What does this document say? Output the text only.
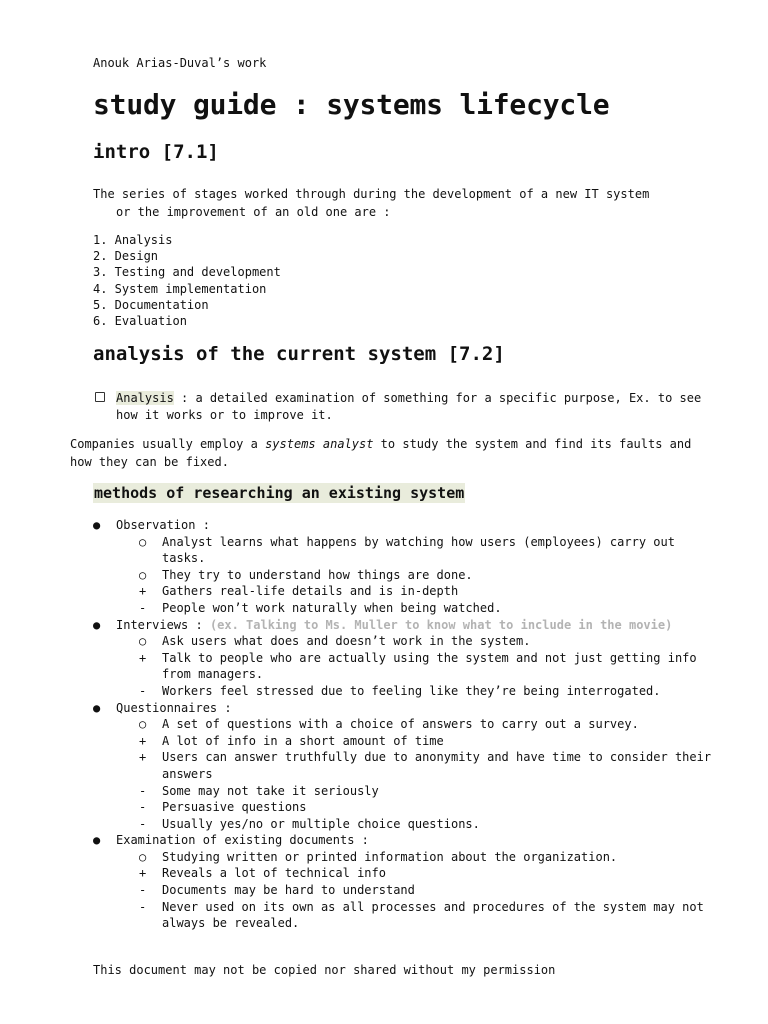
Anouk Arias-Duval’s work
study guide : systems lifecycle
intro [7.1]
The series of stages worked through during the development of a new IT system
or the improvement of an old one are :
1. Analysis
2. Design
3. Testing and development
4. System implementation
5. Documentation
6. Evaluation
analysis of the current system [7.2]
Analysis : a detailed examination of something for a specific purpose, Ex. to see how it works or to improve it.
Companies usually employ a systems analyst to study the system and find its faults and how they can be fixed.
methods of researching an existing system
● Observation :
○ Analyst learns what happens by watching how users (employees) carry out tasks.
○ They try to understand how things are done.
+ Gathers real-life details and is in-depth
- People won’t work naturally when being watched.
● Interviews : (ex. Talking to Ms. Muller to know what to include in the movie)
○ Ask users what does and doesn’t work in the system.
+ Talk to people who are actually using the system and not just getting info from managers.
- Workers feel stressed due to feeling like they’re being interrogated.
● Questionnaires :
○ A set of questions with a choice of answers to carry out a survey.
+ A lot of info in a short amount of time
+ Users can answer truthfully due to anonymity and have time to consider their answers
- Some may not take it seriously
- Persuasive questions
- Usually yes/no or multiple choice questions.
● Examination of existing documents :
○ Studying written or printed information about the organization.
+ Reveals a lot of technical info
- Documents may be hard to understand
- Never used on its own as all processes and procedures of the system may not always be revealed.
This document may not be copied nor shared without my permission
